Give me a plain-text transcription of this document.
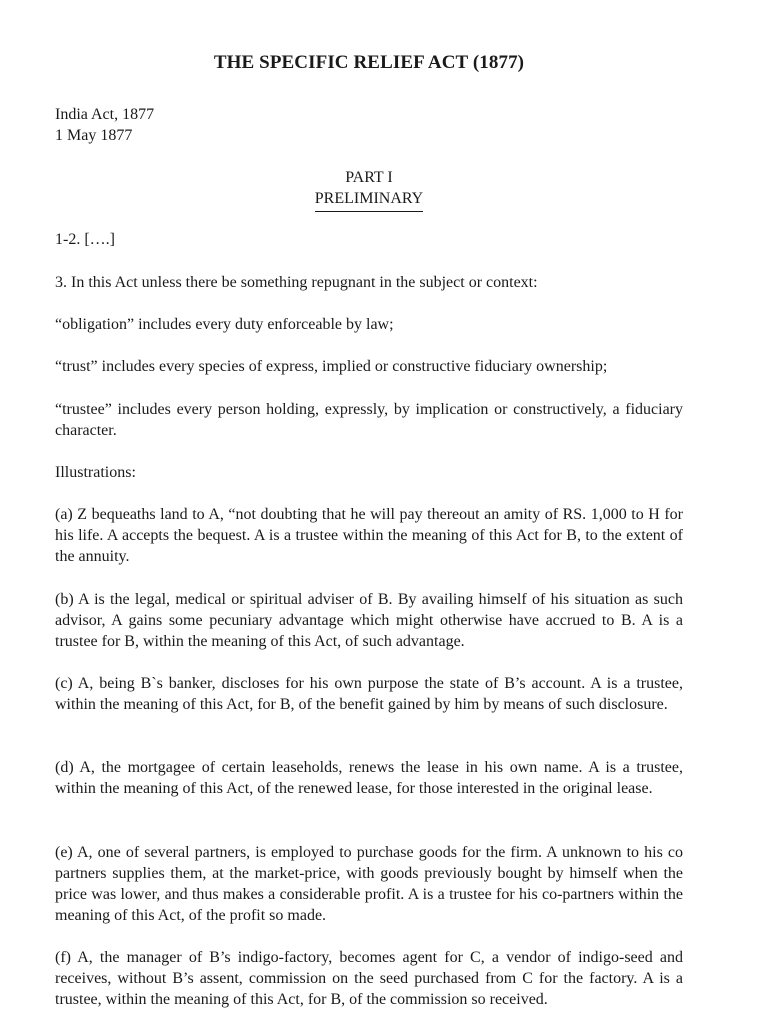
THE SPECIFIC RELIEF ACT (1877)
India Act, 1877
1 May 1877
PART I
PRELIMINARY

1-2. [….]

3. In this Act unless there be something repugnant in the subject or context:

“obligation” includes every duty enforceable by law;

“trust” includes every species of express, implied or constructive fiduciary ownership;

“trustee” includes every person holding, expressly, by implication or constructively, a fiduciary character.

Illustrations:

(a) Z bequeaths land to A, “not doubting that he will pay thereout an amity of RS. 1,000 to H for his life. A accepts the bequest. A is a trustee within the meaning of this Act for B, to the extent of the annuity.

(b) A is the legal, medical or spiritual adviser of B. By availing himself of his situation as such advisor, A gains some pecuniary advantage which might otherwise have accrued to B. A is a trustee for B, within the meaning of this Act, of such advantage.

(c) A, being B`s banker, discloses for his own purpose the state of B’s account. A is a trustee, within the meaning of this Act, for B, of the benefit gained by him by means of such disclosure.

(d) A, the mortgagee of certain leaseholds, renews the lease in his own name. A is a trustee, within the meaning of this Act, of the renewed lease, for those interested in the original lease.

(e) A, one of several partners, is employed to purchase goods for the firm. A unknown to his co partners supplies them, at the market-price, with goods previously bought by himself when the price was lower, and thus makes a considerable profit. A is a trustee for his co-partners within the meaning of this Act, of the profit so made.

(f) A, the manager of B’s indigo-factory, becomes agent for C, a vendor of indigo-seed and receives, without B’s assent, commission on the seed purchased from C for the factory. A is a trustee, within the meaning of this Act, for B, of the commission so received.
